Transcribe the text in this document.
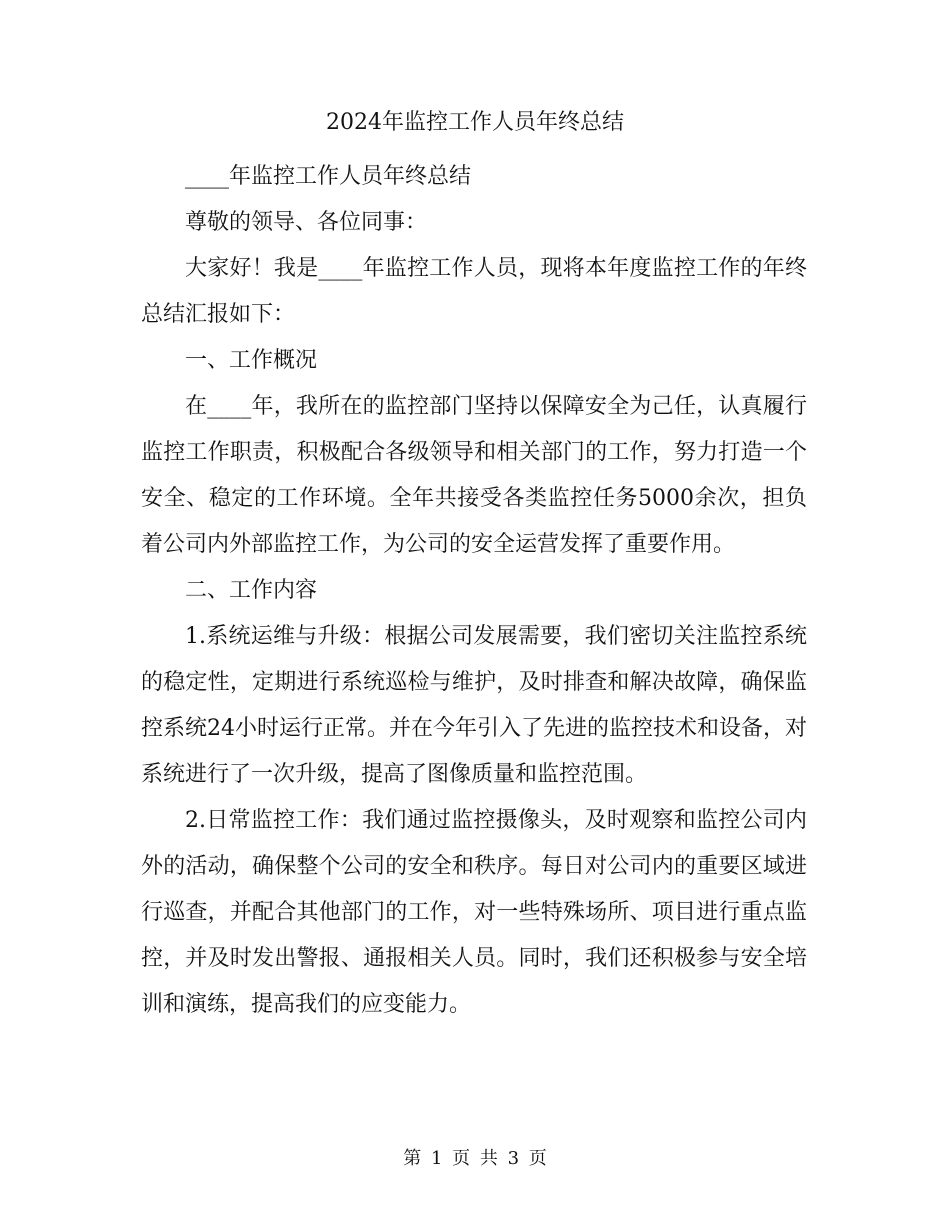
2024年监控工作人员年终总结

____年监控工作人员年终总结

尊敬的领导、各位同事：

大家好！我是____年监控工作人员，现将本年度监控工作的年终总结汇报如下：

一、工作概况

在____年，我所在的监控部门坚持以保障安全为己任，认真履行监控工作职责，积极配合各级领导和相关部门的工作，努力打造一个安全、稳定的工作环境。全年共接受各类监控任务5000余次，担负着公司内外部监控工作，为公司的安全运营发挥了重要作用。

二、工作内容

1.系统运维与升级：根据公司发展需要，我们密切关注监控系统的稳定性，定期进行系统巡检与维护，及时排查和解决故障，确保监控系统24小时运行正常。并在今年引入了先进的监控技术和设备，对系统进行了一次升级，提高了图像质量和监控范围。

2.日常监控工作：我们通过监控摄像头，及时观察和监控公司内外的活动，确保整个公司的安全和秩序。每日对公司内的重要区域进行巡查，并配合其他部门的工作，对一些特殊场所、项目进行重点监控，并及时发出警报、通报相关人员。同时，我们还积极参与安全培训和演练，提高我们的应变能力。

第 1 页 共 3 页
